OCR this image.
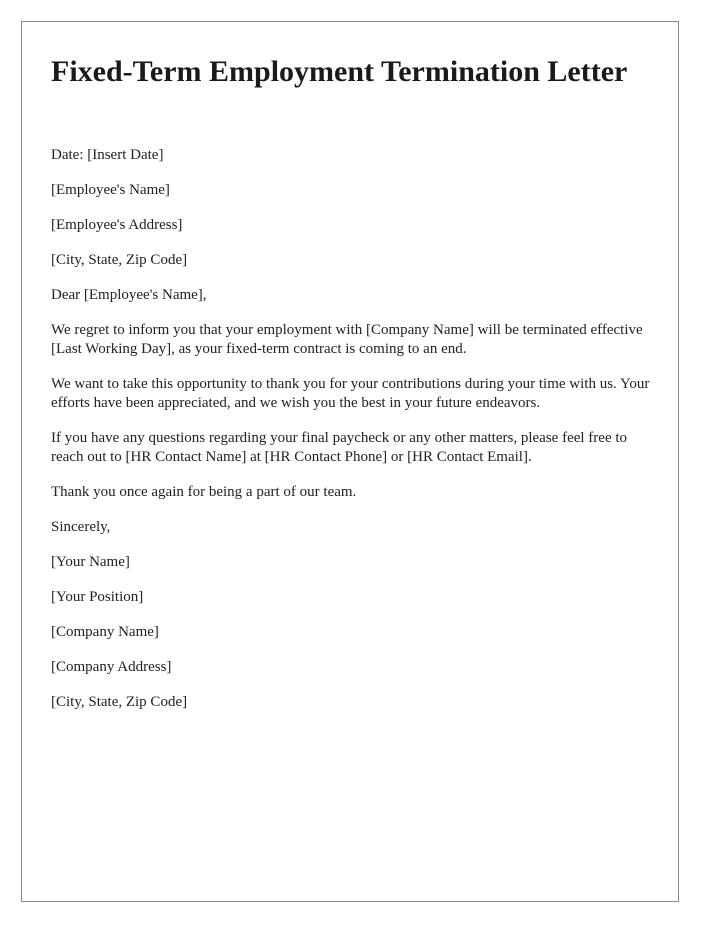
Fixed-Term Employment Termination Letter

Date: [Insert Date]

[Employee's Name]

[Employee's Address]

[City, State, Zip Code]

Dear [Employee's Name],

We regret to inform you that your employment with [Company Name] will be terminated effective [Last Working Day], as your fixed-term contract is coming to an end.

We want to take this opportunity to thank you for your contributions during your time with us. Your efforts have been appreciated, and we wish you the best in your future endeavors.

If you have any questions regarding your final paycheck or any other matters, please feel free to reach out to [HR Contact Name] at [HR Contact Phone] or [HR Contact Email].

Thank you once again for being a part of our team.

Sincerely,

[Your Name]

[Your Position]

[Company Name]

[Company Address]

[City, State, Zip Code]
